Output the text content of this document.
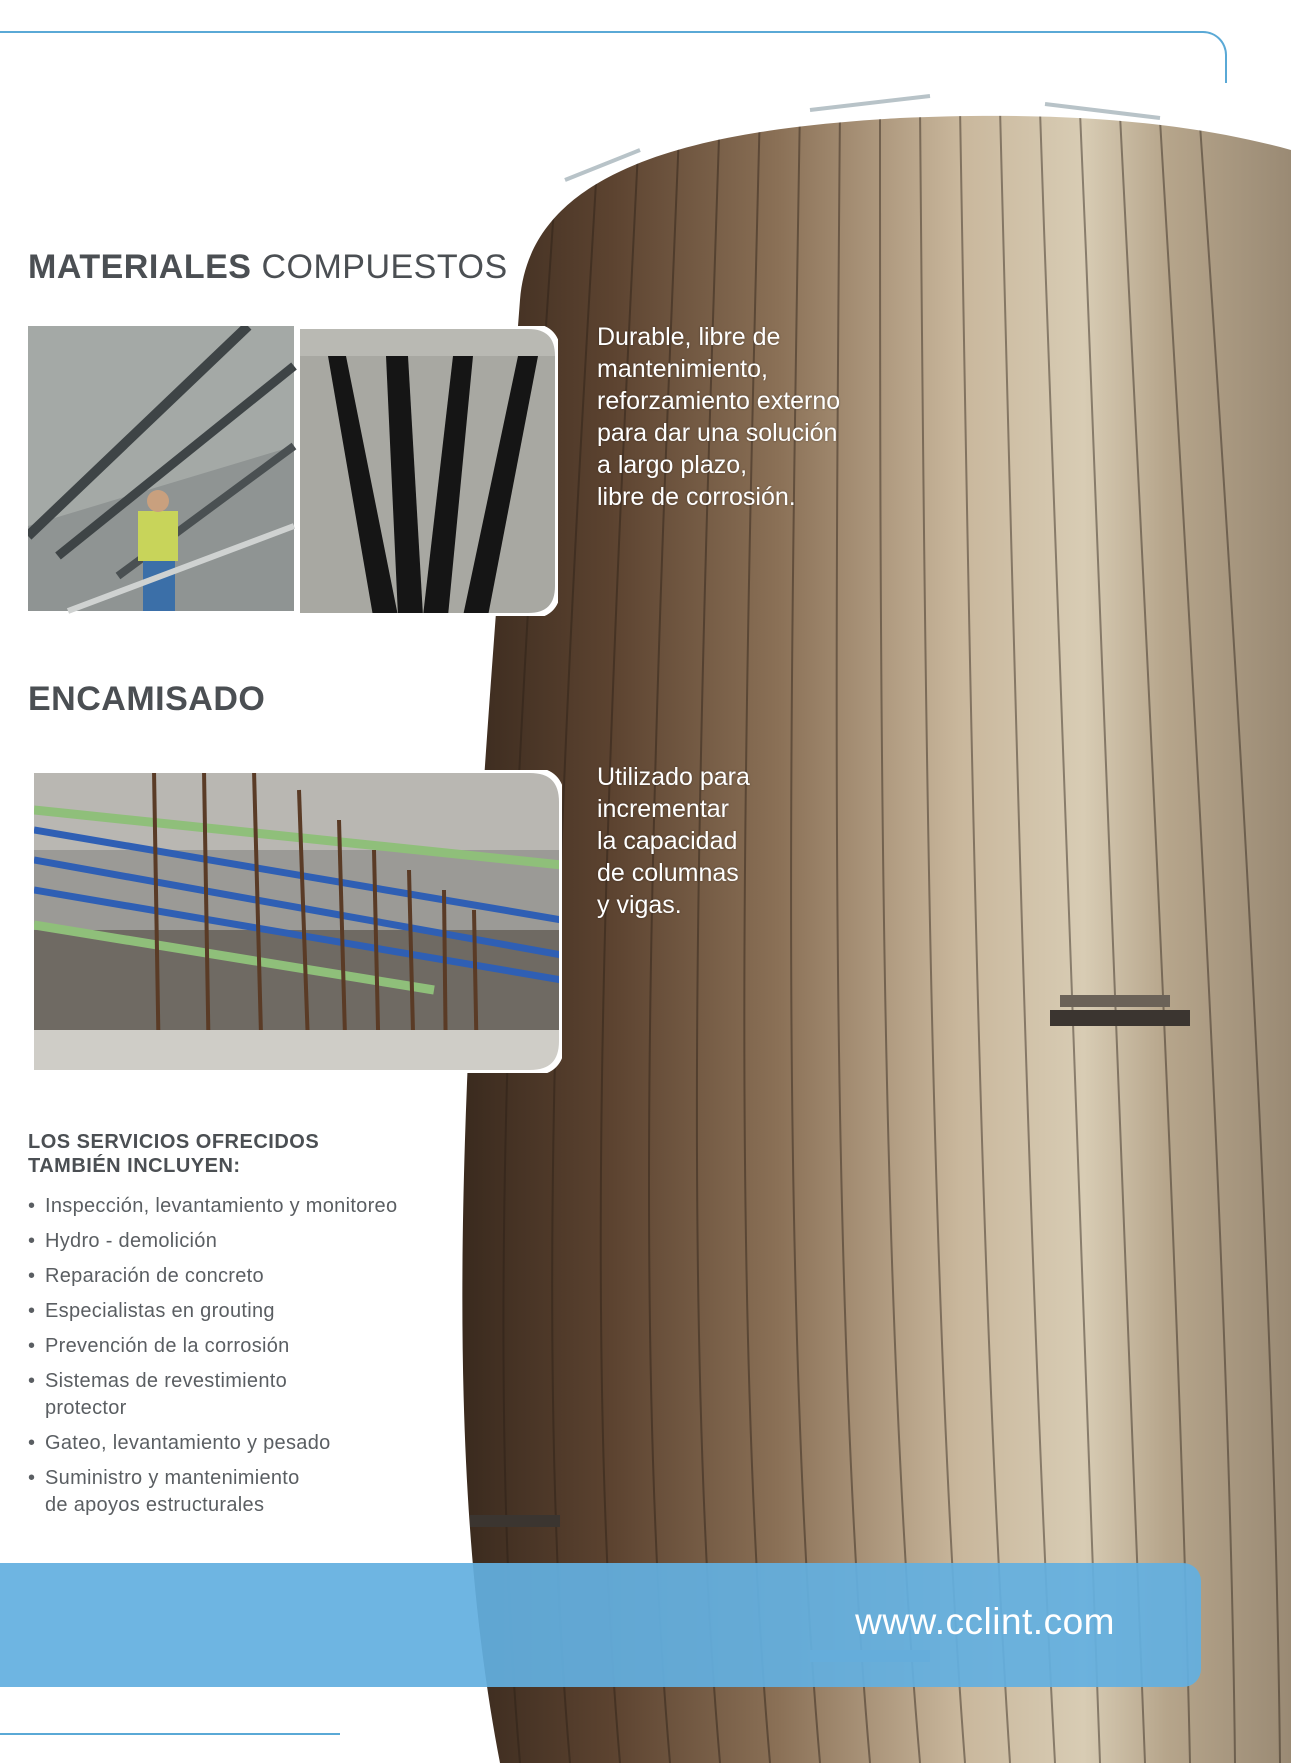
MATERIALES COMPUESTOS
Durable, libre de
mantenimiento,
reforzamiento externo
para dar una solución
a largo plazo,
libre de corrosión.
ENCAMISADO
Utilizado para
incrementar
la capacidad
de columnas
y vigas.
LOS SERVICIOS OFRECIDOS
TAMBIÉN INCLUYEN:
• Inspección, levantamiento y monitoreo
• Hydro - demolición
• Reparación de concreto
• Especialistas en grouting
• Prevención de la corrosión
• Sistemas de revestimiento
protector
• Gateo, levantamiento y pesado
• Suministro y mantenimiento
de apoyos estructurales
www.cclint.com
